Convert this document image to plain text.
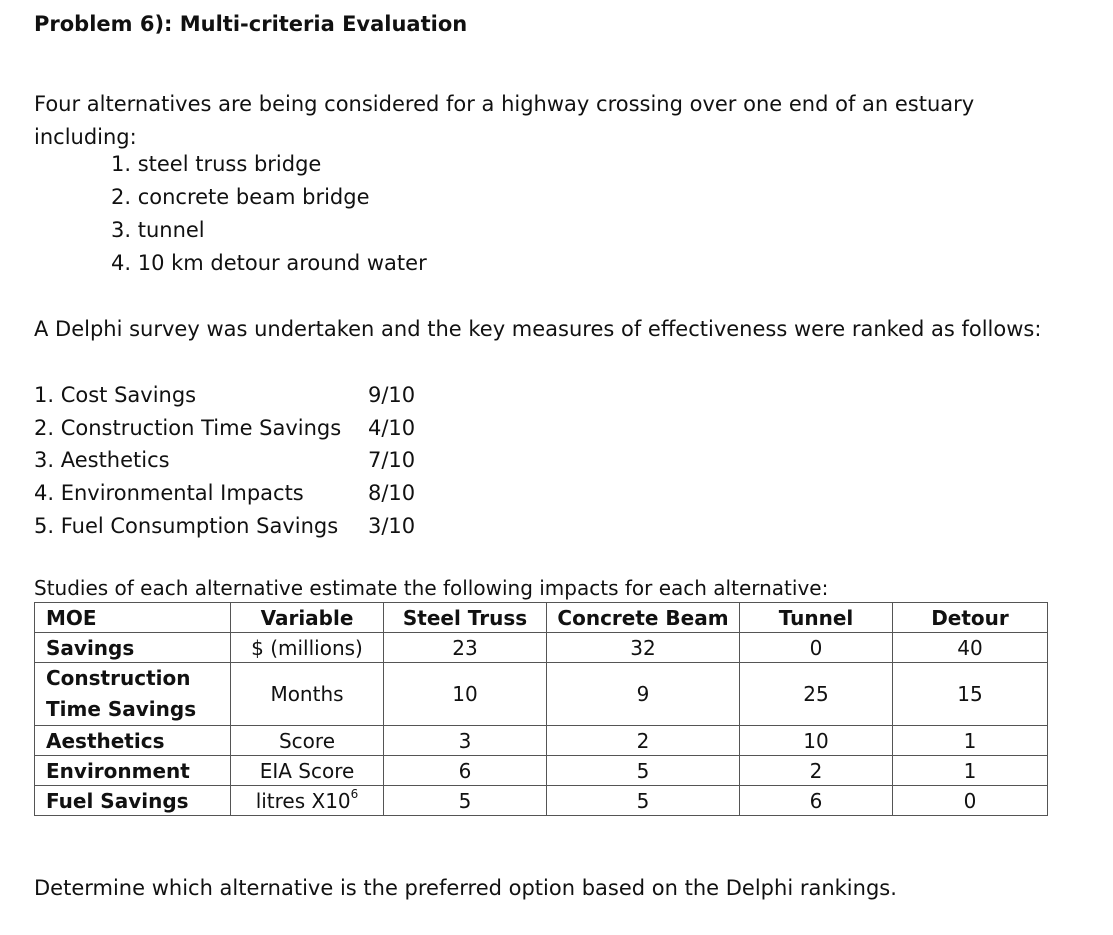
Problem 6): Multi-criteria Evaluation
Four alternatives are being considered for a highway crossing over one end of an estuary including:
1. steel truss bridge
2. concrete beam bridge
3. tunnel
4. 10 km detour around water
A Delphi survey was undertaken and the key measures of effectiveness were ranked as follows:
1. Cost Savings	9/10
2. Construction Time Savings 4/10
3. Aesthetics	7/10
4. Environmental Impacts	8/10
5. Fuel Consumption Savings 3/10
Studies of each alternative estimate the following impacts for each alternative:
MOE	Variable	Steel Truss	Concrete Beam	Tunnel	Detour
Savings	$ (millions)	23	32	0	40
Construction
Time Savings	Months	10	9	25	15
Aesthetics	Score	3	2	10	1
Environment	EIA Score	6	5	2	1
Fuel Savings	litres $X10^6$	5	5	6	0
Determine which alternative is the preferred option based on the Delphi rankings.
